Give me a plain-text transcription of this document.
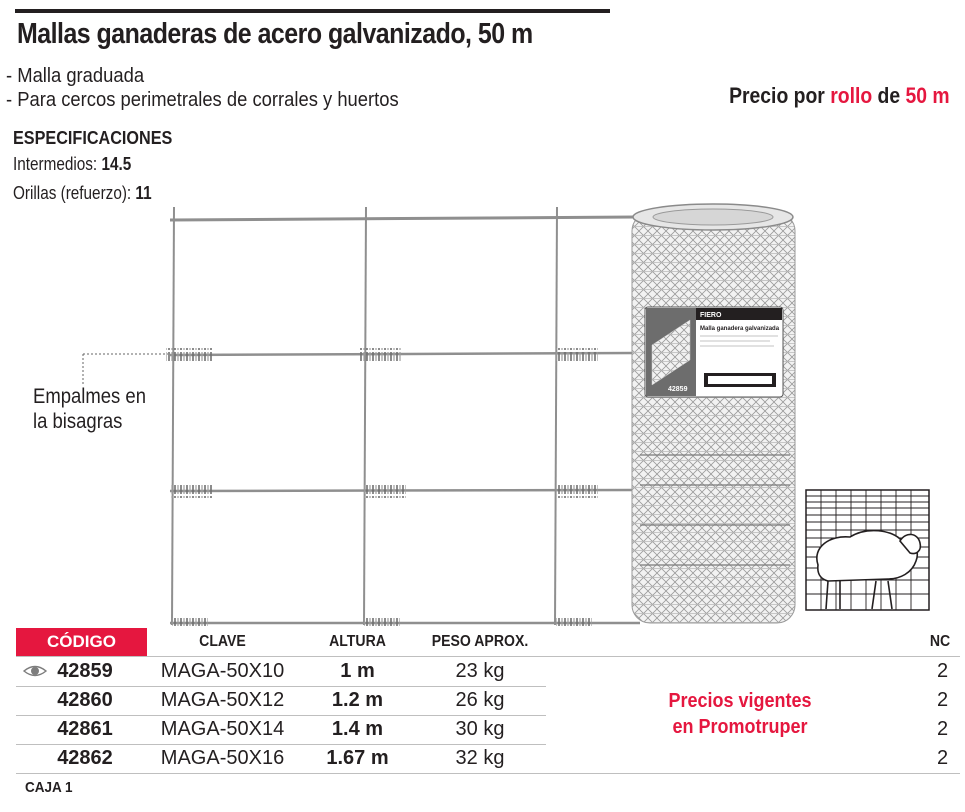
Mallas ganaderas de acero galvanizado, 50 m
- Malla graduada
- Para cercos perimetrales de corrales y huertos	Precio por rollo de 50 m
ESPECIFICACIONES
Intermedios: 14.5
Orillas (refuerzo): 11
Empalmes en
la bisagras
FIERO
Malla ganadera galvanizada
42859
CÓDIGO	CLAVE	ALTURA	PESO APROX.	NC
42859	MAGA-50X10	1 m	23 kg	2
42860	MAGA-50X12	1.2 m	26 kg	2
42861	MAGA-50X14	1.4 m	30 kg	2
42862	MAGA-50X16	1.67 m	32 kg	2
Precios vigentes
en Promotruper
CAJA 1
